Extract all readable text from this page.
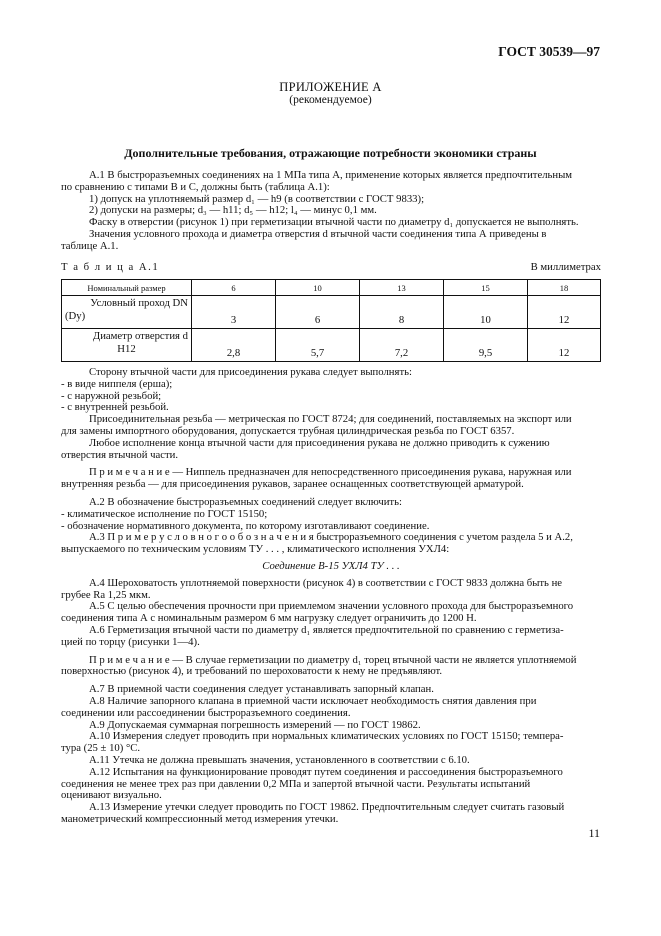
ГОСТ 30539—97
ПРИЛОЖЕНИЕ А
(рекомендуемое)
Дополнительные требования, отражающие потребности экономики страны

А.1 В быстроразъемных соединениях на 1 МПа типа А, применение которых является предпочтительным

по сравнению с типами В и С, должны быть (таблица А.1):

1) допуск на уплотняемый размер d₁ — h9 (в соответствии с ГОСТ 9833);

2) допуски на размеры; d₃ — h11; d₅ — h12; l₄ — минус 0,1 мм.

Фаску в отверстии (рисунок 1) при герметизации втычной части по диаметру d₁ допускается не выполнять.

Значения условного прохода и диаметра отверстия d втычной части соединения типа А приведены в

таблице А.1.

Т а б л и ц а А.1	В миллиметрах
Номинальный размер	6	10	13	15	18

Условный проход DN
(Dy)	3	6	8	10	12

Диаметр отверстия d
H12	2,8	5,7	7,2	9,5	12

Сторону втычной части для присоединения рукава следует выполнять:

- в виде ниппеля (ерша);

- с наружной резьбой;

- с внутренней резьбой.

Присоединительная резьба — метрическая по ГОСТ 8724; для соединений, поставляемых на экспорт или

для замены импортного оборудования, допускается трубная цилиндрическая резьба по ГОСТ 6357.

Любое исполнение конца втычной части для присоединения рукава не должно приводить к сужению

отверстия втычной части.

П р и м е ч а н и е — Ниппель предназначен для непосредственного присоединения рукава, наружная или

внутренняя резьба — для присоединения рукавов, заранее оснащенных соответствующей арматурой.

А.2 В обозначение быстроразъемных соединений следует включить:

- климатическое исполнение по ГОСТ 15150;

- обозначение нормативного документа, по которому изготавливают соединение.

А.3 П р и м е р у с л о в н о г о о б о з н а ч е н и я быстроразъемного соединения с учетом раздела 5 и А.2,

выпускаемого по техническим условиям ТУ . . . , климатического исполнения УХЛ4:

Соединение В-15 УХЛ4 ТУ . . .

А.4 Шероховатость уплотняемой поверхности (рисунок 4) в соответствии с ГОСТ 9833 должна быть не

грубее Ra 1,25 мкм.

А.5 С целью обеспечения прочности при приемлемом значении условного прохода для быстроразъемного

соединения типа А с номинальным размером 6 мм нагрузку следует ограничить до 1200 Н.

А.6 Герметизация втычной части по диаметру d₁ является предпочтительной по сравнению с герметиза-

цией по торцу (рисунки 1—4).

П р и м е ч а н и е — В случае герметизации по диаметру d₁ торец втычной части не является уплотняемой

поверхностью (рисунок 4), и требований по шероховатости к нему не предъявляют.

А.7 В приемной части соединения следует устанавливать запорный клапан.

А.8 Наличие запорного клапана в приемной части исключает необходимость снятия давления при

соединении или рассоединении быстроразъемного соединения.

А.9 Допускаемая суммарная погрешность измерений — по ГОСТ 19862.

А.10 Измерения следует проводить при нормальных климатических условиях по ГОСТ 15150; темпера-

тура (25 ± 10) °С.

А.11 Утечка не должна превышать значения, установленного в соответствии с 6.10.

А.12 Испытания на функционирование проводят путем соединения и рассоединения быстроразъемного

соединения не менее трех раз при давлении 0,2 МПа и запертой втычной части. Результаты испытаний

оценивают визуально.

А.13 Измерение утечки следует проводить по ГОСТ 19862. Предпочтительным следует считать газовый

манометрический компрессионный метод измерения утечки.

11
